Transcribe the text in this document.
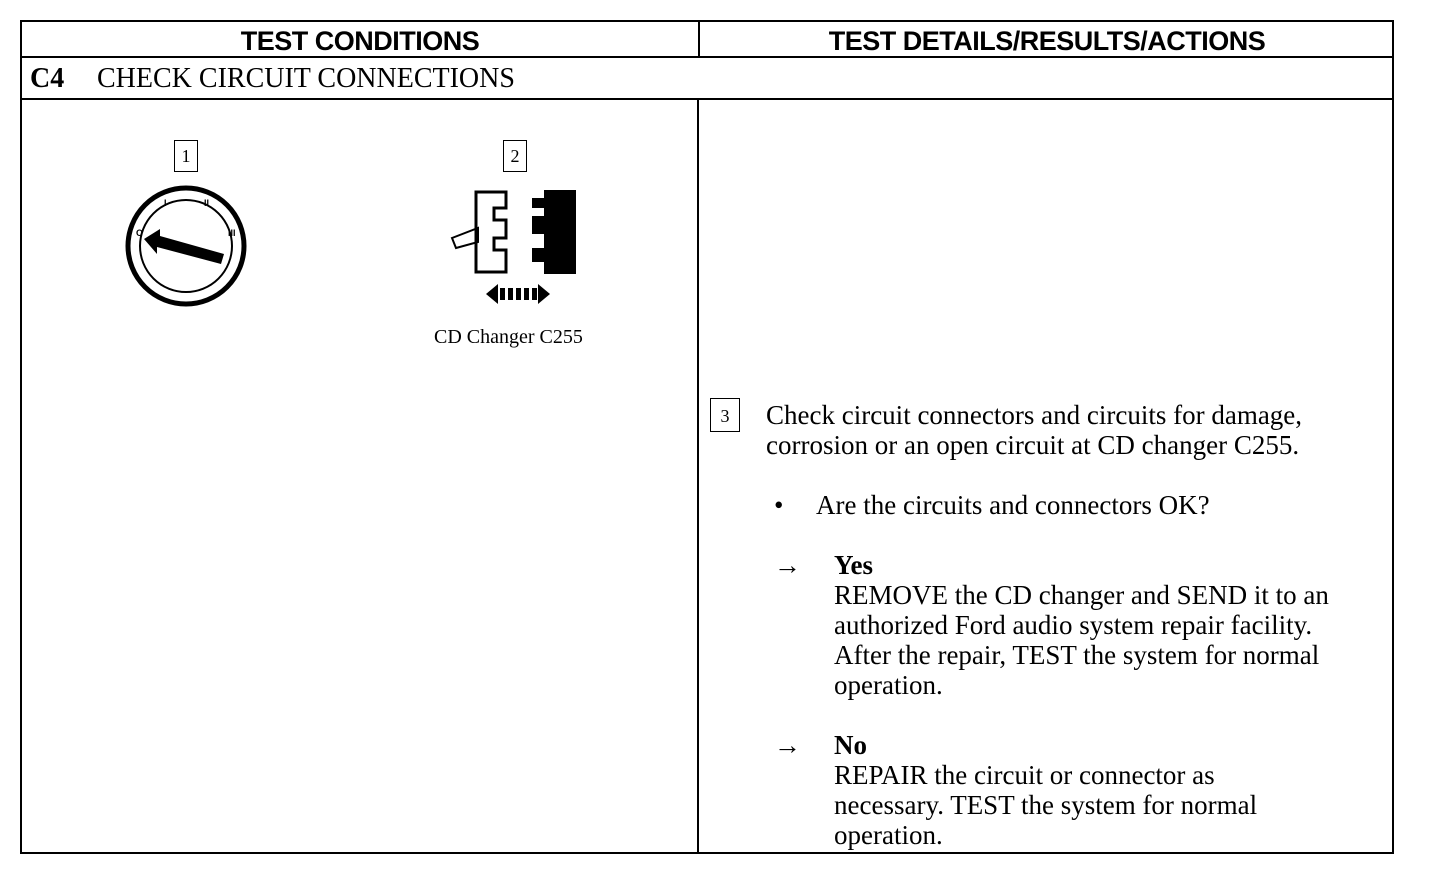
TEST CONDITIONS	TEST DETAILS/RESULTS/ACTIONS
C4 CHECK CIRCUIT CONNECTIONS
1
O
I	II
III
2
CD Changer C255
3	Check circuit connectors and circuits for damage,
corrosion or an open circuit at CD changer C255.
• Are the circuits and connectors OK?
→ Yes
REMOVE the CD changer and SEND it to an
authorized Ford audio system repair facility.
After the repair, TEST the system for normal
operation.
→ No
REPAIR the circuit or connector as
necessary. TEST the system for normal
operation.
